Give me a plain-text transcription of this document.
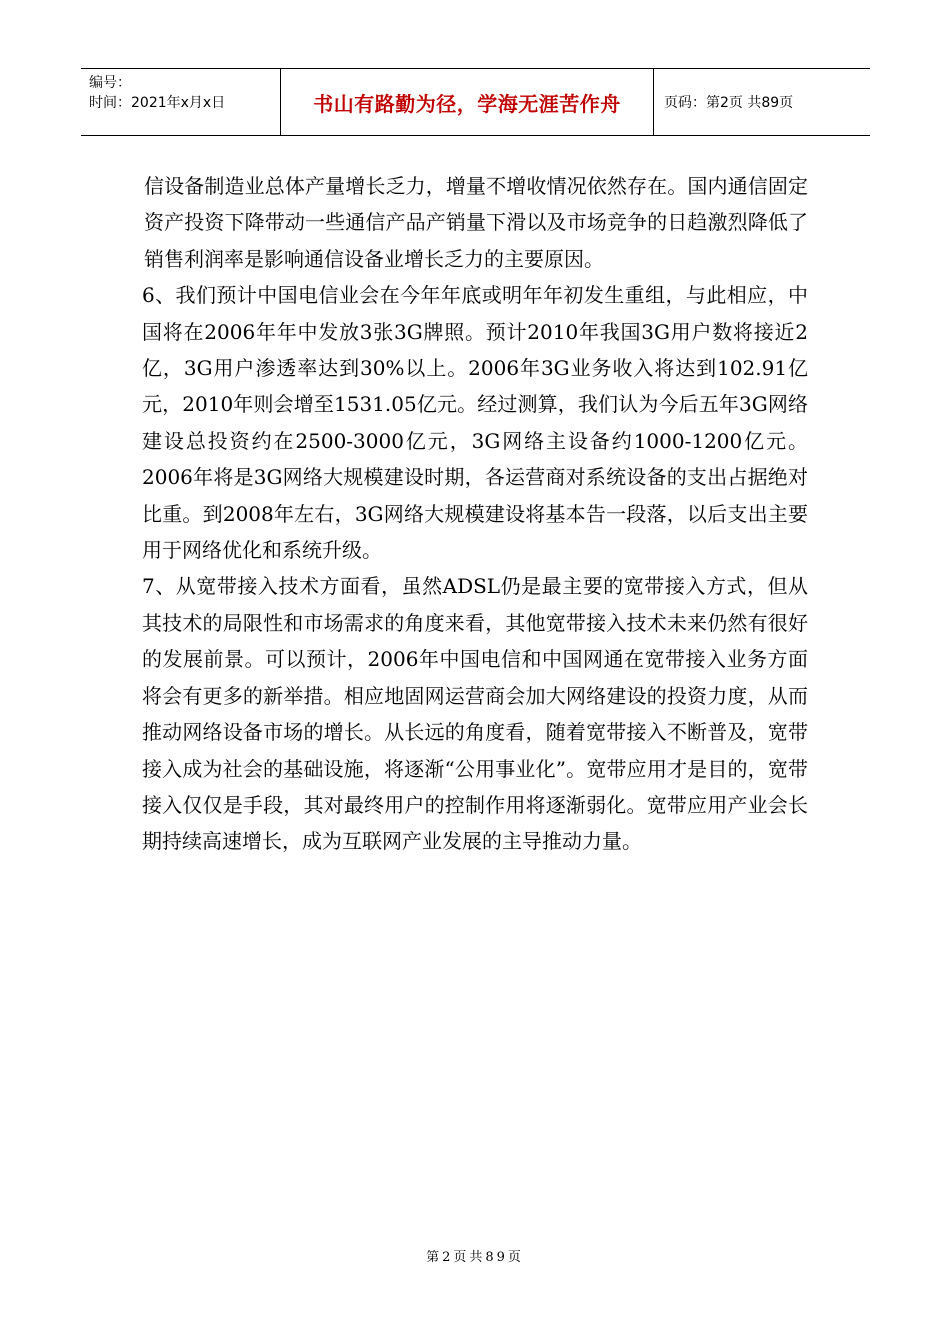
编号：
时间：2021年x月x日	书山有路勤为径，学海无涯苦作舟	页码：第2页 共89页

信设备制造业总体产量增长乏力，增量不增收情况依然存在。国内通信固定资产投资下降带动一些通信产品产销量下滑以及市场竞争的日趋激烈降低了销售利润率是影响通信设备业增长乏力的主要原因。

6、我们预计中国电信业会在今年年底或明年年初发生重组，与此相应，中国将在2006年年中发放3张3G牌照。预计2010年我国3G用户数将接近2亿，3G用户渗透率达到30%以上。2006年3G业务收入将达到102.91亿元，2010年则会增至1531.05亿元。经过测算，我们认为今后五年3G网络建设总投资约在2500-3000亿元，3G网络主设备约1000-1200亿元。2006年将是3G网络大规模建设时期，各运营商对系统设备的支出占据绝对比重。到2008年左右，3G网络大规模建设将基本告一段落，以后支出主要用于网络优化和系统升级。

7、从宽带接入技术方面看，虽然ADSL仍是最主要的宽带接入方式，但从其技术的局限性和市场需求的角度来看，其他宽带接入技术未来仍然有很好的发展前景。可以预计，2006年中国电信和中国网通在宽带接入业务方面将会有更多的新举措。相应地固网运营商会加大网络建设的投资力度，从而推动网络设备市场的增长。从长远的角度看，随着宽带接入不断普及，宽带接入成为社会的基础设施，将逐渐“公用事业化”。宽带应用才是目的，宽带接入仅仅是手段，其对最终用户的控制作用将逐渐弱化。宽带应用产业会长期持续高速增长，成为互联网产业发展的主导推动力量。

第2页共89页
